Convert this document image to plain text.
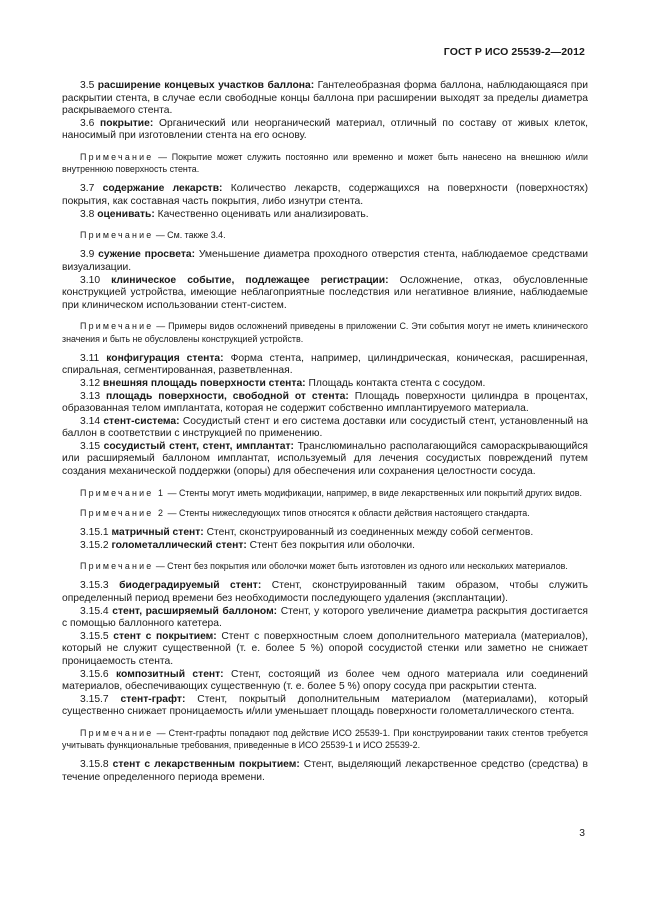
ГОСТ Р ИСО 25539-2—2012

3.5 расширение концевых участков баллона: Гантелеобразная форма баллона, наблюдающаяся при раскрытии стента, в случае если свободные концы баллона при расширении выходят за пределы диаметра раскрываемого стента.

3.6 покрытие: Органический или неорганический материал, отличный по составу от живых клеток, наносимый при изготовлении стента на его основу.

Примечание — Покрытие может служить постоянно или временно и может быть нанесено на внешнюю и/или внутреннюю поверхность стента.

3.7 содержание лекарств: Количество лекарств, содержащихся на поверхности (поверхностях) покрытия, как составная часть покрытия, либо изнутри стента.

3.8 оценивать: Качественно оценивать или анализировать.

Примечание — См. также 3.4.

3.9 сужение просвета: Уменьшение диаметра проходного отверстия стента, наблюдаемое средствами визуализации.

3.10 клиническое событие, подлежащее регистрации: Осложнение, отказ, обусловленные конструкцией устройства, имеющие неблагоприятные последствия или негативное влияние, наблюдаемые при клиническом использовании стент-систем.

Примечание — Примеры видов осложнений приведены в приложении С. Эти события могут не иметь клинического значения и быть не обусловлены конструкцией устройств.

3.11 конфигурация стента: Форма стента, например, цилиндрическая, коническая, расширенная, спиральная, сегментированная, разветвленная.

3.12 внешняя площадь поверхности стента: Площадь контакта стента с сосудом.

3.13 площадь поверхности, свободной от стента: Площадь поверхности цилиндра в процентах, образованная телом имплантата, которая не содержит собственно имплантируемого материала.

3.14 стент-система: Сосудистый стент и его система доставки или сосудистый стент, установленный на баллон в соответствии с инструкцией по применению.

3.15 сосудистый стент, стент, имплантат: Транслюминально располагающийся самораскрывающийся или расширяемый баллоном имплантат, используемый для лечения сосудистых повреждений путем создания механической поддержки (опоры) для обеспечения или сохранения целостности сосуда.

Примечание 1 — Стенты могут иметь модификации, например, в виде лекарственных или покрытий других видов.

Примечание 2 — Стенты нижеследующих типов относятся к области действия настоящего стандарта.

3.15.1 матричный стент: Стент, сконструированный из соединенных между собой сегментов.

3.15.2 голометаллический стент: Стент без покрытия или оболочки.

Примечание — Стент без покрытия или оболочки может быть изготовлен из одного или нескольких материалов.

3.15.3 биодеградируемый стент: Стент, сконструированный таким образом, чтобы служить определенный период времени без необходимости последующего удаления (эксплантации).

3.15.4 стент, расширяемый баллоном: Стент, у которого увеличение диаметра раскрытия достигается с помощью баллонного катетера.

3.15.5 стент с покрытием: Стент с поверхностным слоем дополнительного материала (материалов), который не служит существенной (т. е. более 5 %) опорой сосудистой стенки или заметно не снижает проницаемость стента.

3.15.6 композитный стент: Стент, состоящий из более чем одного материала или соединений материалов, обеспечивающих существенную (т. е. более 5 %) опору сосуда при раскрытии стента.

3.15.7 стент-графт: Стент, покрытый дополнительным материалом (материалами), который существенно снижает проницаемость и/или уменьшает площадь поверхности голометаллического стента.

Примечание — Стент-графты попадают под действие ИСО 25539-1. При конструировании таких стентов требуется учитывать функциональные требования, приведенные в ИСО 25539-1 и ИСО 25539-2.

3.15.8 стент с лекарственным покрытием: Стент, выделяющий лекарственное средство (средства) в течение определенного периода времени.

3
